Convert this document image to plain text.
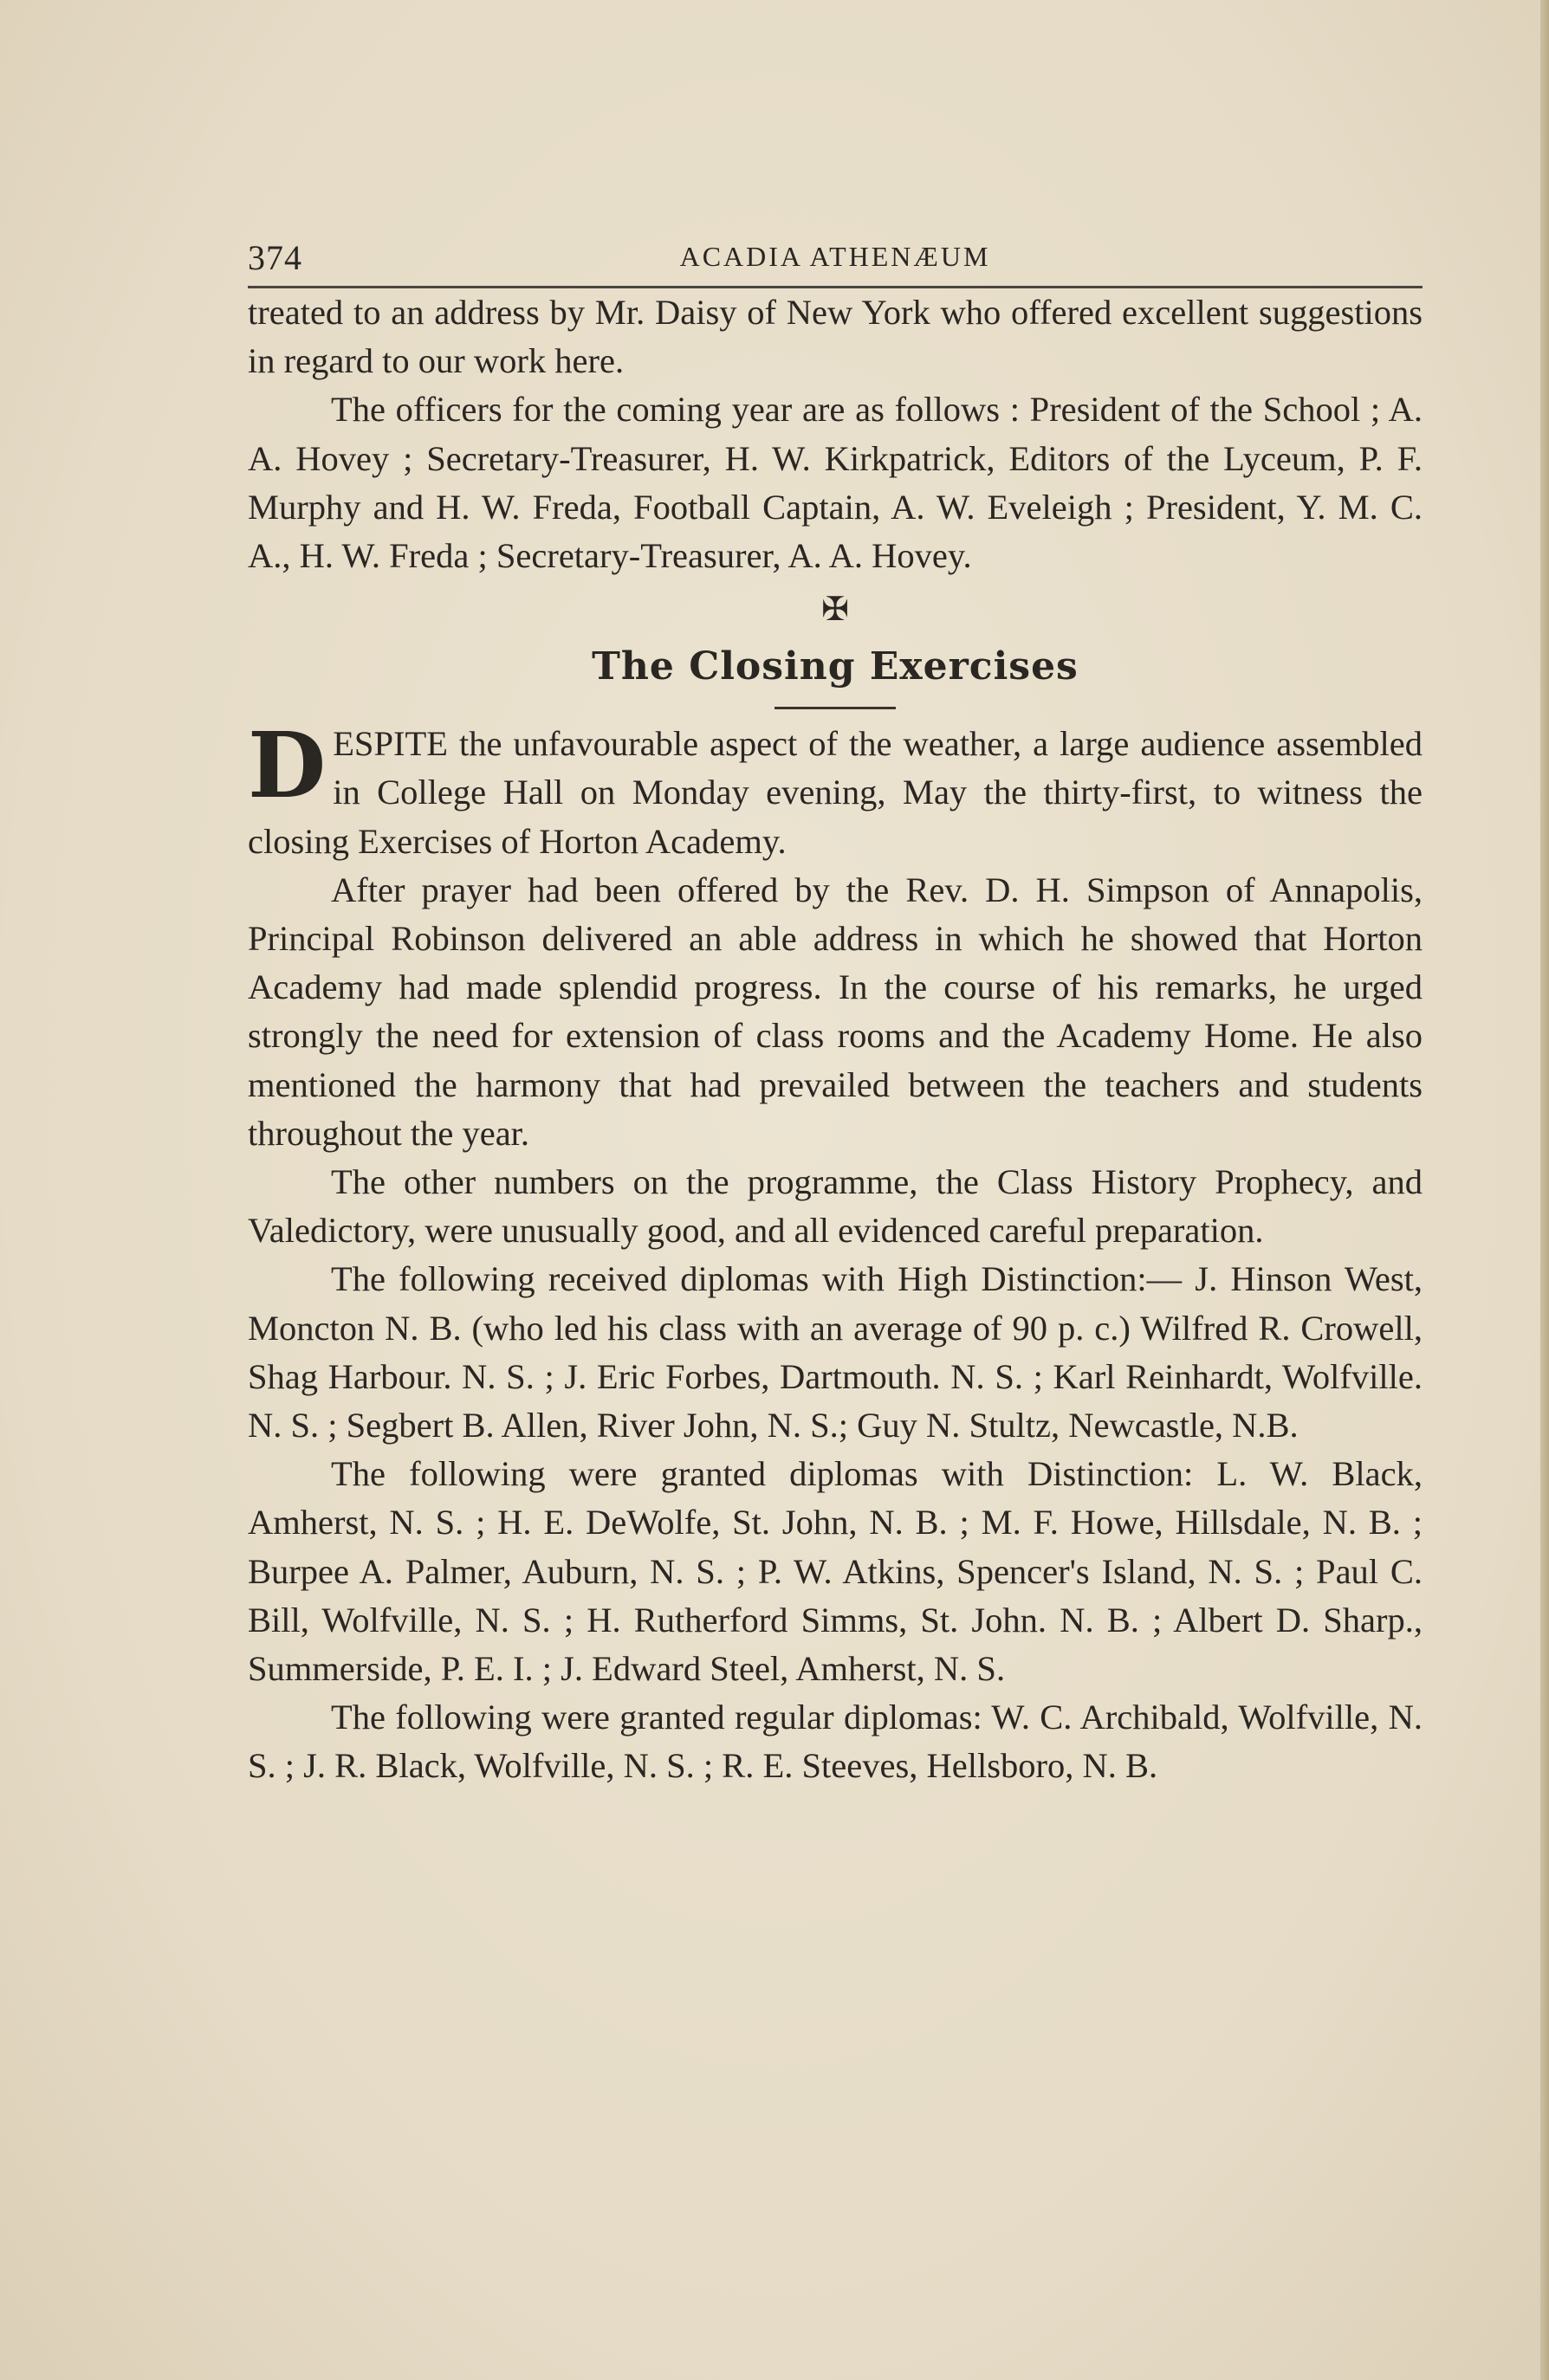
374	ACADIA ATHENÆUM

treated to an address by Mr. Daisy of New York who offered excellent suggestions in regard to our work here.

The officers for the coming year are as follows : President of the School ; A. A. Hovey ; Secretary-Treasurer, H. W. Kirkpatrick, Editors of the Lyceum, P. F. Murphy and H. W. Freda, Football Captain, A. W. Eveleigh ; President, Y. M. C. A., H. W. Freda ; Secretary-Treasurer, A. A. Hovey.

✠
The Closing Exercises

DESPITE the unfavourable aspect of the weather, a large audience assembled in College Hall on Monday evening, May the thirty-first, to witness the closing Exercises of Horton Academy.

After prayer had been offered by the Rev. D. H. Simpson of Annapolis, Principal Robinson delivered an able address in which he showed that Horton Academy had made splendid progress. In the course of his remarks, he urged strongly the need for extension of class rooms and the Academy Home. He also mentioned the harmony that had prevailed between the teachers and students throughout the year.

The other numbers on the programme, the Class History Prophecy, and Valedictory, were unusually good, and all evidenced careful preparation.

The following received diplomas with High Distinction:— J. Hinson West, Moncton N. B. (who led his class with an average of 90 p. c.) Wilfred R. Crowell, Shag Harbour. N. S. ; J. Eric Forbes, Dartmouth. N. S. ; Karl Reinhardt, Wolfville. N. S. ; Segbert B. Allen, River John, N. S.; Guy N. Stultz, Newcastle, N.B.

The following were granted diplomas with Distinction: L. W. Black, Amherst, N. S. ; H. E. DeWolfe, St. John, N. B. ; M. F. Howe, Hillsdale, N. B. ; Burpee A. Palmer, Auburn, N. S. ; P. W. Atkins, Spencer's Island, N. S. ; Paul C. Bill, Wolfville, N. S. ; H. Rutherford Simms, St. John. N. B. ; Albert D. Sharp., Summerside, P. E. I. ; J. Edward Steel, Amherst, N. S.

The following were granted regular diplomas: W. C. Archibald, Wolfville, N. S. ; J. R. Black, Wolfville, N. S. ; R. E. Steeves, Hellsboro, N. B.
